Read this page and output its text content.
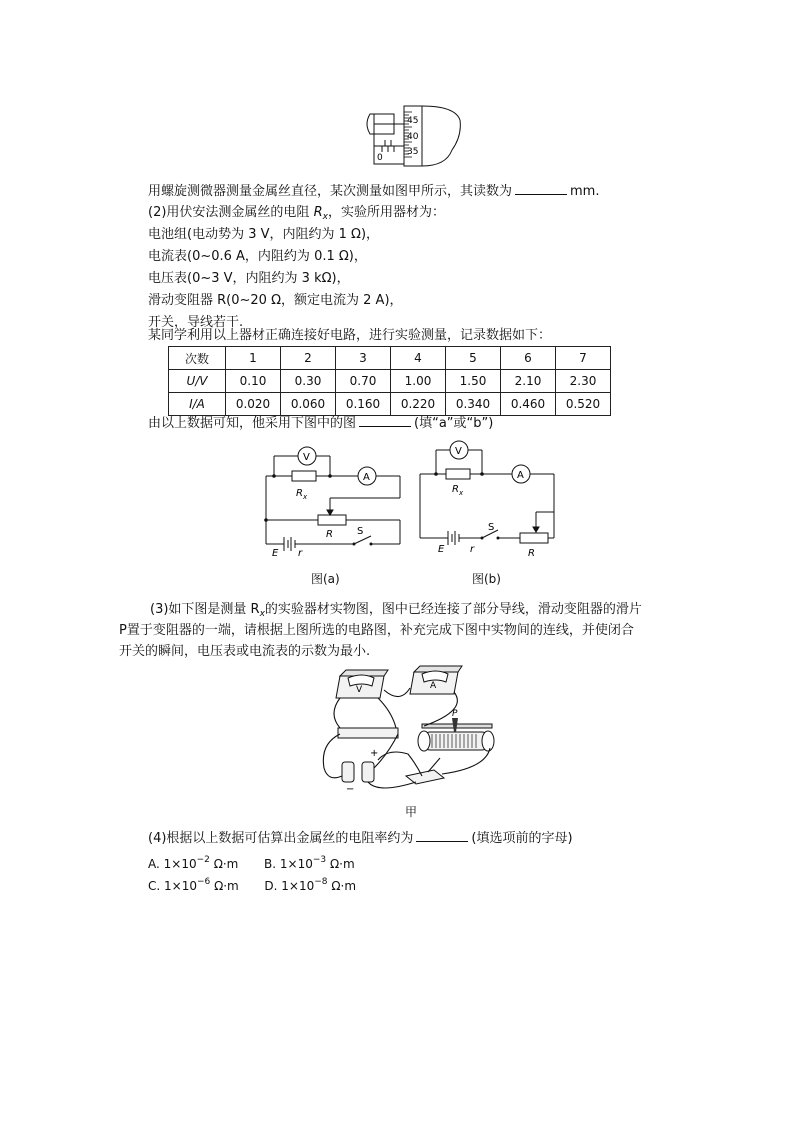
45
40
35
0
用螺旋测微器测量金属丝直径，某次测量如图甲所示，其读数为	mm.
(2)用伏安法测金属丝的电阻 $R_x$，实验所用器材为：
电池组(电动势为 3 V，内阻约为 1 Ω)，
电流表(0~0.6 A，内阻约为 0.1 Ω)，
电压表(0~3 V，内阻约为 3 kΩ)，
滑动变阻器 R(0~20 Ω，额定电流为 2 A)，
开关，导线若干.
某同学利用以上器材正确连接好电路，进行实验测量，记录数据如下：
次数	1	2	3	4	5	6	7
U/V	0.10	0.30	0.70	1.00	1.50	2.10	2.30
I/A	0.020	0.060	0.160	0.220	0.340	0.460	0.520
由以上数据可知，他采用下图中的图	(填“a”或“b”)
V
A
R x
R S
E r
图(a)
V
A
R x
S
E	r	R
图(b)
(3)如下图是测量 $R_x$的实验器材实物图，图中已经连接了部分导线，滑动变阻器的滑片
P置于变阻器的一端，请根据上图所选的电路图，补充完成下图中实物间的连线，并使闭合
开关的瞬间，电压表或电流表的示数为最小.
V	A
P
+
−
甲
(4)根据以上数据可估算出金属丝的电阻率约为	(填选项前的字母)
A. $1\times 10^{-2}$ Ω·m B. $1\times 10^{-3}$ Ω·m
C. $1\times 10^{-6}$ Ω·m D. $1\times 10^{-8}$ Ω·m
